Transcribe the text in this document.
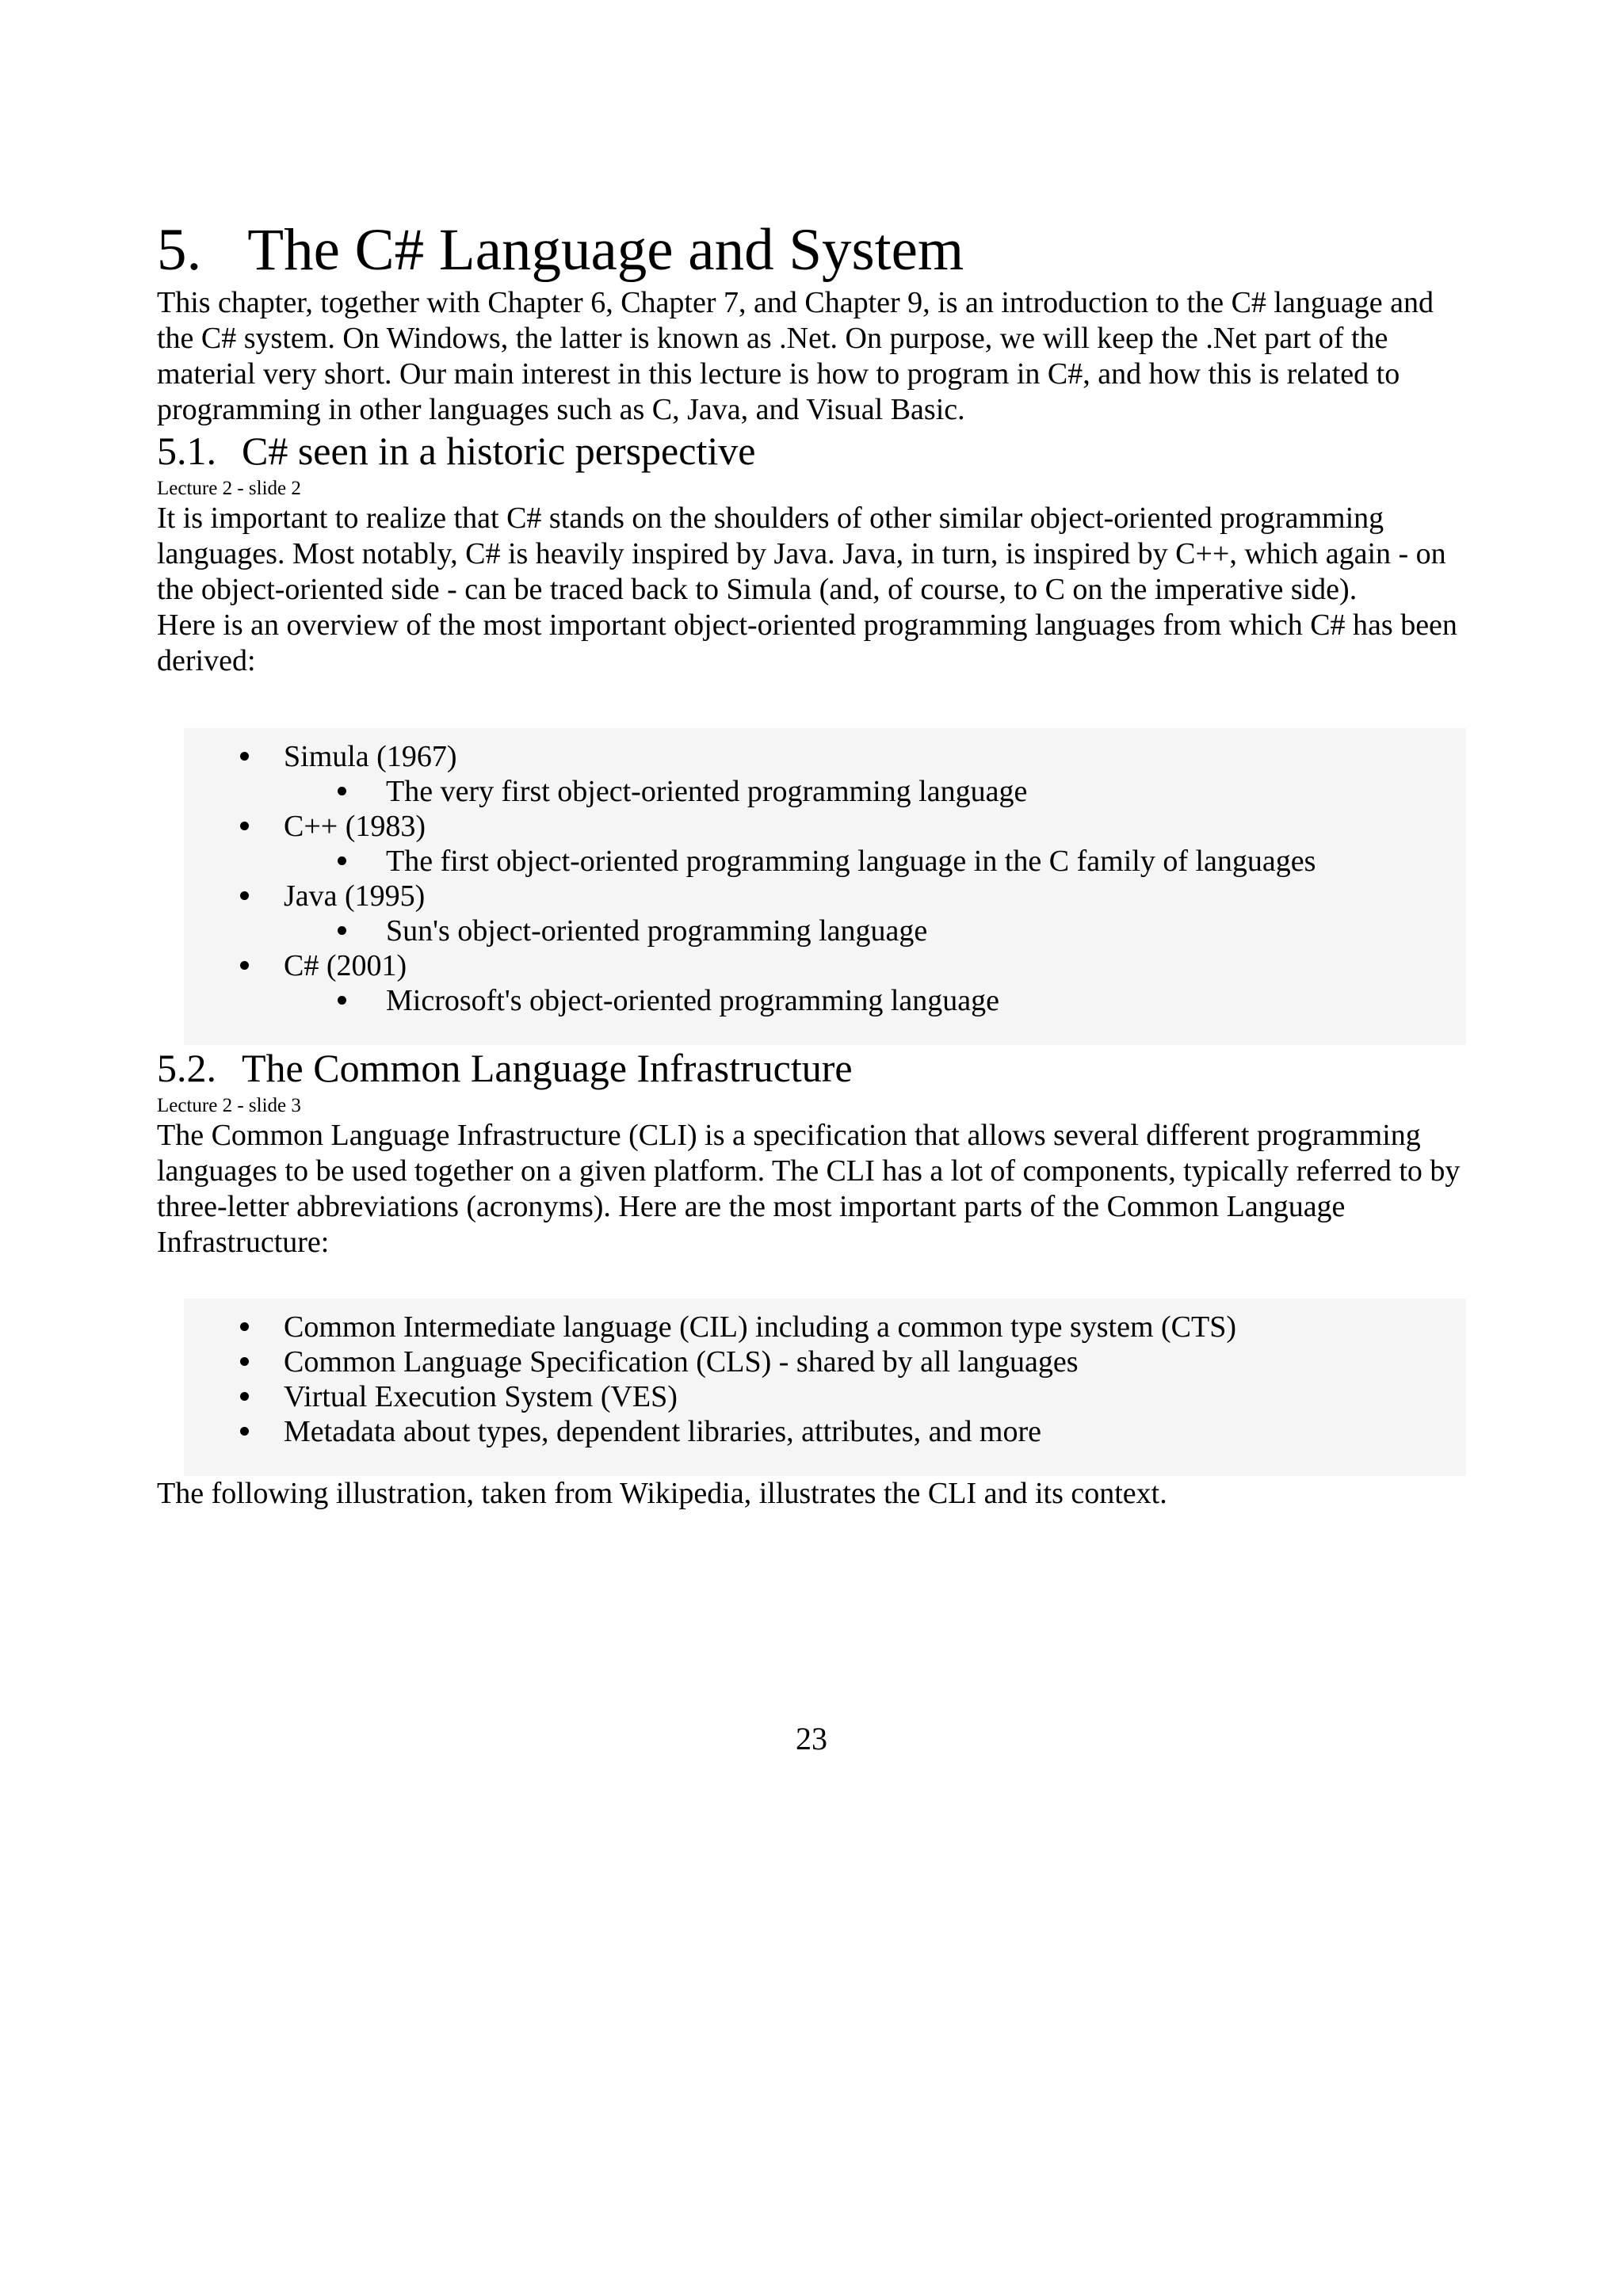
5. The C# Language and System

This chapter, together with Chapter 6, Chapter 7, and Chapter 9, is an introduction to the C# language and the C# system. On Windows, the latter is known as .Net. On purpose, we will keep the .Net part of the material very short. Our main interest in this lecture is how to program in C#, and how this is related to programming in other languages such as C, Java, and Visual Basic.

5.1. C# seen in a historic perspective
Lecture 2 - slide 2

It is important to realize that C# stands on the shoulders of other similar object-oriented programming languages. Most notably, C# is heavily inspired by Java. Java, in turn, is inspired by C++, which again - on the object-oriented side - can be traced back to Simula (and, of course, to C on the imperative side).

Here is an overview of the most important object-oriented programming languages from which C# has been derived:

Simula (1967)
The very first object-oriented programming language
C++ (1983)
The first object-oriented programming language in the C family of languages
Java (1995)
Sun's object-oriented programming language
C# (2001)
Microsoft's object-oriented programming language
5.2. The Common Language Infrastructure
Lecture 2 - slide 3

The Common Language Infrastructure (CLI) is a specification that allows several different programming languages to be used together on a given platform. The CLI has a lot of components, typically referred to by three-letter abbreviations (acronyms). Here are the most important parts of the Common Language Infrastructure:

Common Intermediate language (CIL) including a common type system (CTS)
Common Language Specification (CLS) - shared by all languages
Virtual Execution System (VES)
Metadata about types, dependent libraries, attributes, and more

The following illustration, taken from Wikipedia, illustrates the CLI and its context.

23
